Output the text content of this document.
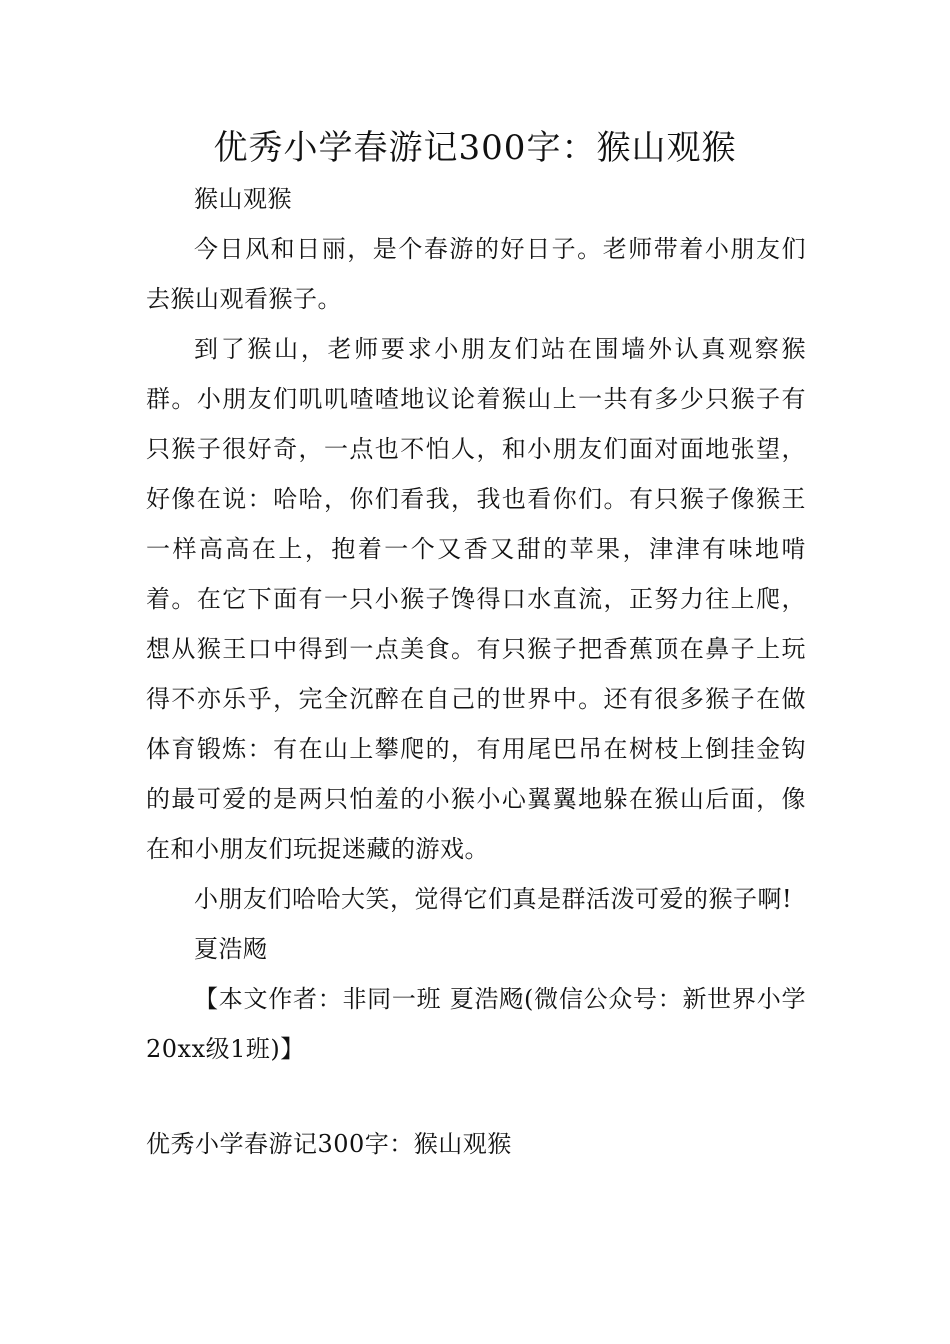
优秀小学春游记300字：猴山观猴

猴山观猴

今日风和日丽，是个春游的好日子。老师带着小朋友们去猴山观看猴子。

到了猴山，老师要求小朋友们站在围墙外认真观察猴群。小朋友们叽叽喳喳地议论着猴山上一共有多少只猴子有只猴子很好奇，一点也不怕人，和小朋友们面对面地张望，好像在说：哈哈，你们看我，我也看你们。有只猴子像猴王一样高高在上，抱着一个又香又甜的苹果，津津有味地啃着。在它下面有一只小猴子馋得口水直流，正努力往上爬，想从猴王口中得到一点美食。有只猴子把香蕉顶在鼻子上玩得不亦乐乎，完全沉醉在自己的世界中。还有很多猴子在做体育锻炼：有在山上攀爬的，有用尾巴吊在树枝上倒挂金钩的最可爱的是两只怕羞的小猴小心翼翼地躲在猴山后面，像在和小朋友们玩捉迷藏的游戏。

小朋友们哈哈大笑，觉得它们真是群活泼可爱的猴子啊!

夏浩飏

【本文作者：非同一班 夏浩飏(微信公众号：新世界小学20xx级1班)】

优秀小学春游记300字：猴山观猴
